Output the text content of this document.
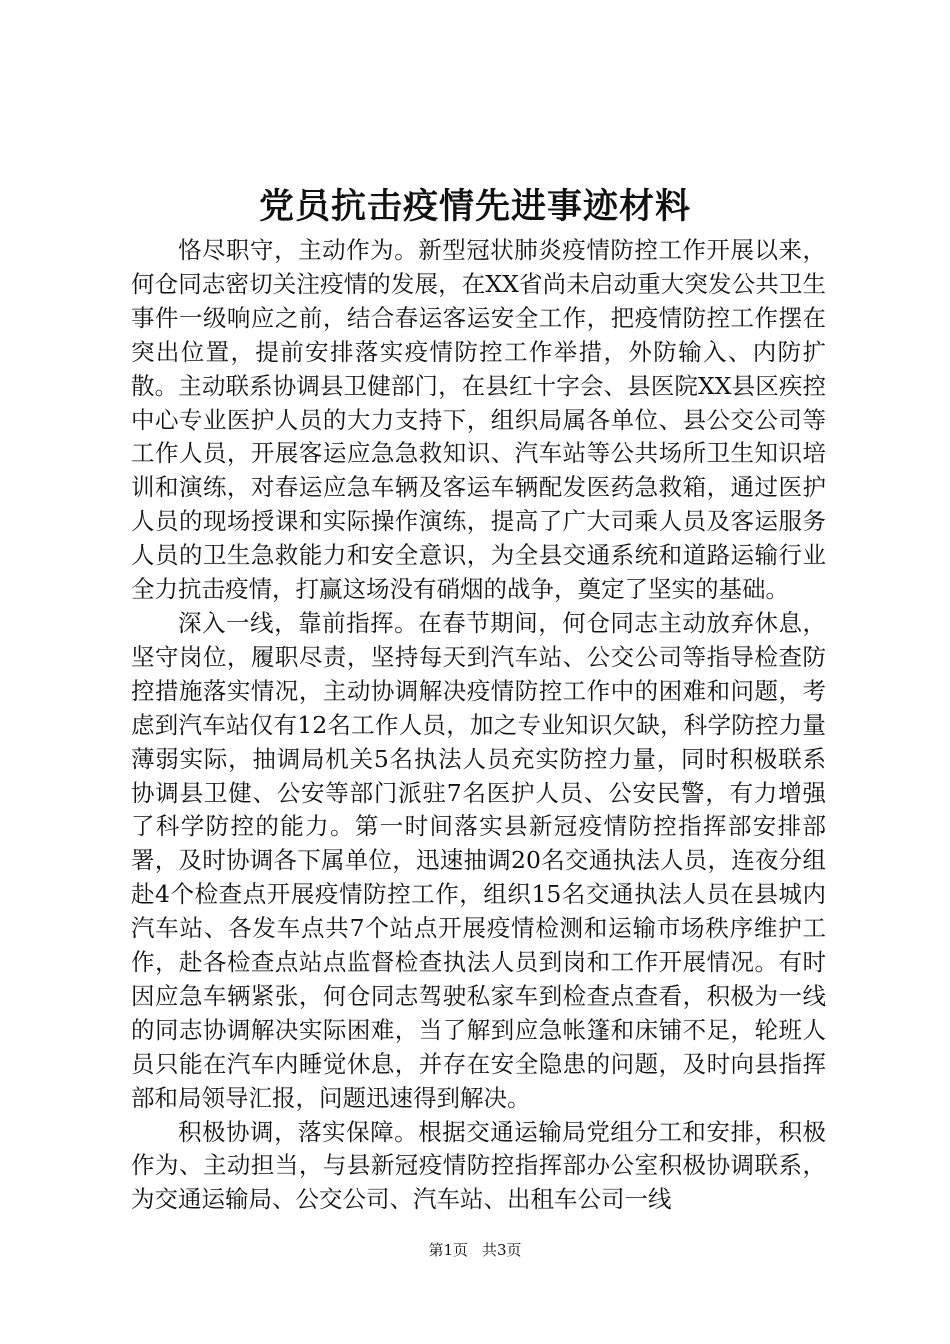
党员抗击疫情先进事迹材料

恪尽职守，主动作为。新型冠状肺炎疫情防控工作开展以来，何仓同志密切关注疫情的发展，在XX省尚未启动重大突发公共卫生事件一级响应之前，结合春运客运安全工作，把疫情防控工作摆在突出位置，提前安排落实疫情防控工作举措，外防输入、内防扩散。主动联系协调县卫健部门，在县红十字会、县医院XX县区疾控中心专业医护人员的大力支持下，组织局属各单位、县公交公司等工作人员，开展客运应急急救知识、汽车站等公共场所卫生知识培训和演练，对春运应急车辆及客运车辆配发医药急救箱，通过医护人员的现场授课和实际操作演练，提高了广大司乘人员及客运服务人员的卫生急救能力和安全意识，为全县交通系统和道路运输行业全力抗击疫情，打赢这场没有硝烟的战争，奠定了坚实的基础。

深入一线，靠前指挥。在春节期间，何仓同志主动放弃休息，坚守岗位，履职尽责，坚持每天到汽车站、公交公司等指导检查防控措施落实情况，主动协调解决疫情防控工作中的困难和问题，考虑到汽车站仅有12名工作人员，加之专业知识欠缺，科学防控力量薄弱实际，抽调局机关5名执法人员充实防控力量，同时积极联系协调县卫健、公安等部门派驻7名医护人员、公安民警，有力增强了科学防控的能力。第一时间落实县新冠疫情防控指挥部安排部署，及时协调各下属单位，迅速抽调20名交通执法人员，连夜分组赴4个检查点开展疫情防控工作，组织15名交通执法人员在县城内汽车站、各发车点共7个站点开展疫情检测和运输市场秩序维护工作，赴各检查点站点监督检查执法人员到岗和工作开展情况。有时因应急车辆紧张，何仓同志驾驶私家车到检查点查看，积极为一线的同志协调解决实际困难，当了解到应急帐篷和床铺不足，轮班人员只能在汽车内睡觉休息，并存在安全隐患的问题，及时向县指挥部和局领导汇报，问题迅速得到解决。

积极协调，落实保障。根据交通运输局党组分工和安排，积极作为、主动担当，与县新冠疫情防控指挥部办公室积极协调联系，为交通运输局、公交公司、汽车站、出租车公司一线

第1页 共3页
